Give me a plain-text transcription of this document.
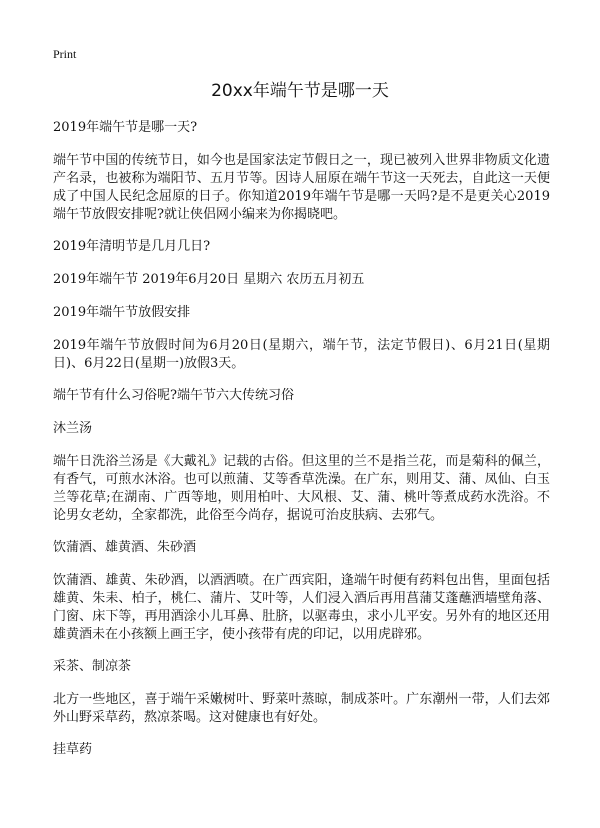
Print
20xx年端午节是哪一天

2019年端午节是哪一天?

端午节中国的传统节日，如今也是国家法定节假日之一，现已被列入世界非物质文化遗产名录，也被称为端阳节、五月节等。因诗人屈原在端午节这一天死去，自此这一天便成了中国人民纪念屈原的日子。你知道2019年端午节是哪一天吗?是不是更关心2019端午节放假安排呢?就让侠侣网小编来为你揭晓吧。

2019年清明节是几月几日?

2019年端午节 2019年6月20日 星期六 农历五月初五

2019年端午节放假安排

2019年端午节放假时间为6月20日(星期六，端午节，法定节假日)、6月21日(星期日)、6月22日(星期一)放假3天。

端午节有什么习俗呢?端午节六大传统习俗

沐兰汤

端午日洗浴兰汤是《大戴礼》记载的古俗。但这里的兰不是指兰花，而是菊科的佩兰，有香气，可煎水沐浴。也可以煎蒲、艾等香草洗澡。在广东，则用艾、蒲、凤仙、白玉兰等花草;在湖南、广西等地，则用柏叶、大风根、艾、蒲、桃叶等煮成药水洗浴。不论男女老幼，全家都洗，此俗至今尚存，据说可治皮肤病、去邪气。

饮蒲酒、雄黄酒、朱砂酒

饮蒲酒、雄黄、朱砂酒，以酒洒喷。在广西宾阳，逢端午时便有药料包出售，里面包括雄黄、朱耒、柏子，桃仁、蒲片、艾叶等，人们浸入酒后再用菖蒲艾蓬蘸洒墙壁角落、门窗、床下等，再用酒涂小儿耳鼻、肚脐，以驱毒虫，求小儿平安。另外有的地区还用雄黄酒未在小孩额上画王字，使小孩带有虎的印记，以用虎辟邪。

采茶、制凉茶

北方一些地区，喜于端午采嫩树叶、野菜叶蒸晾，制成茶叶。广东潮州一带，人们去郊外山野采草药，熬凉茶喝。这对健康也有好处。

挂草药
